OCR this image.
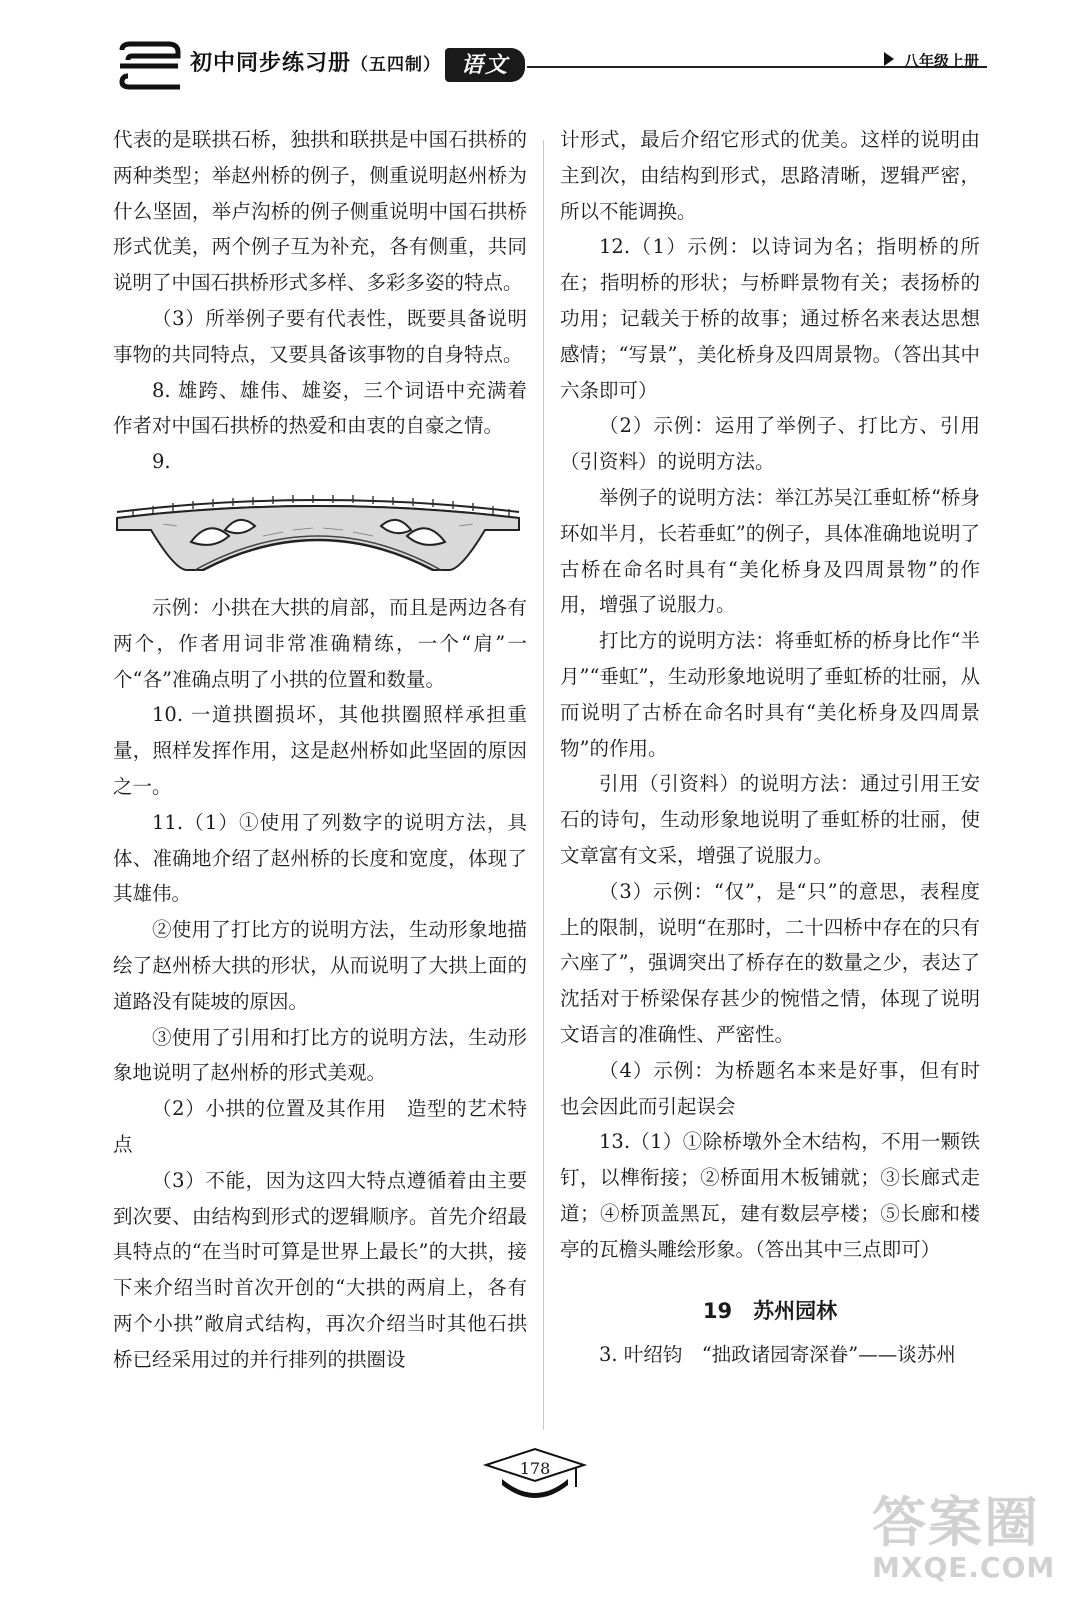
初中同步练习册（五四制） 语文	八年级上册

代表的是联拱石桥，独拱和联拱是中国石拱桥的两种类型；举赵州桥的例子，侧重说明赵州桥为什么坚固，举卢沟桥的例子侧重说明中国石拱桥形式优美，两个例子互为补充，各有侧重，共同说明了中国石拱桥形式多样、多彩多姿的特点。

（3）所举例子要有代表性，既要具备说明事物的共同特点，又要具备该事物的自身特点。

8. 雄跨、雄伟、雄姿，三个词语中充满着作者对中国石拱桥的热爱和由衷的自豪之情。

9.

示例：小拱在大拱的肩部，而且是两边各有两个，作者用词非常准确精练，一个“肩”一个“各”准确点明了小拱的位置和数量。

10. 一道拱圈损坏，其他拱圈照样承担重量，照样发挥作用，这是赵州桥如此坚固的原因之一。

11.（1）①使用了列数字的说明方法，具体、准确地介绍了赵州桥的长度和宽度，体现了其雄伟。

②使用了打比方的说明方法，生动形象地描绘了赵州桥大拱的形状，从而说明了大拱上面的道路没有陡坡的原因。

③使用了引用和打比方的说明方法，生动形象地说明了赵州桥的形式美观。

（2）小拱的位置及其作用　造型的艺术特点

（3）不能，因为这四大特点遵循着由主要到次要、由结构到形式的逻辑顺序。首先介绍最具特点的“在当时可算是世界上最长”的大拱，接下来介绍当时首次开创的“大拱的两肩上，各有两个小拱”敞肩式结构，再次介绍当时其他石拱桥已经采用过的并行排列的拱圈设

计形式，最后介绍它形式的优美。这样的说明由主到次，由结构到形式，思路清晰，逻辑严密，所以不能调换。

12.（1）示例：以诗词为名；指明桥的所在；指明桥的形状；与桥畔景物有关；表扬桥的功用；记载关于桥的故事；通过桥名来表达思想感情；“写景”，美化桥身及四周景物。（答出其中六条即可）

（2）示例：运用了举例子、打比方、引用（引资料）的说明方法。

举例子的说明方法：举江苏吴江垂虹桥“桥身环如半月，长若垂虹”的例子，具体准确地说明了古桥在命名时具有“美化桥身及四周景物”的作用，增强了说服力。

打比方的说明方法：将垂虹桥的桥身比作“半月”“垂虹”，生动形象地说明了垂虹桥的壮丽，从而说明了古桥在命名时具有“美化桥身及四周景物”的作用。

引用（引资料）的说明方法：通过引用王安石的诗句，生动形象地说明了垂虹桥的壮丽，使文章富有文采，增强了说服力。

（3）示例：“仅”，是“只”的意思，表程度上的限制，说明“在那时，二十四桥中存在的只有六座了”，强调突出了桥存在的数量之少，表达了沈括对于桥梁保存甚少的惋惜之情，体现了说明文语言的准确性、严密性。

（4）示例：为桥题名本来是好事，但有时也会因此而引起误会

13.（1）①除桥墩外全木结构，不用一颗铁钉，以榫衔接；②桥面用木板铺就；③长廊式走道；④桥顶盖黑瓦，建有数层亭楼；⑤长廊和楼亭的瓦檐头雕绘形象。（答出其中三点即可）

19　苏州园林

3. 叶绍钧　“拙政诸园寄深眷”——谈苏州

178
答案圈
MXQE.COM
